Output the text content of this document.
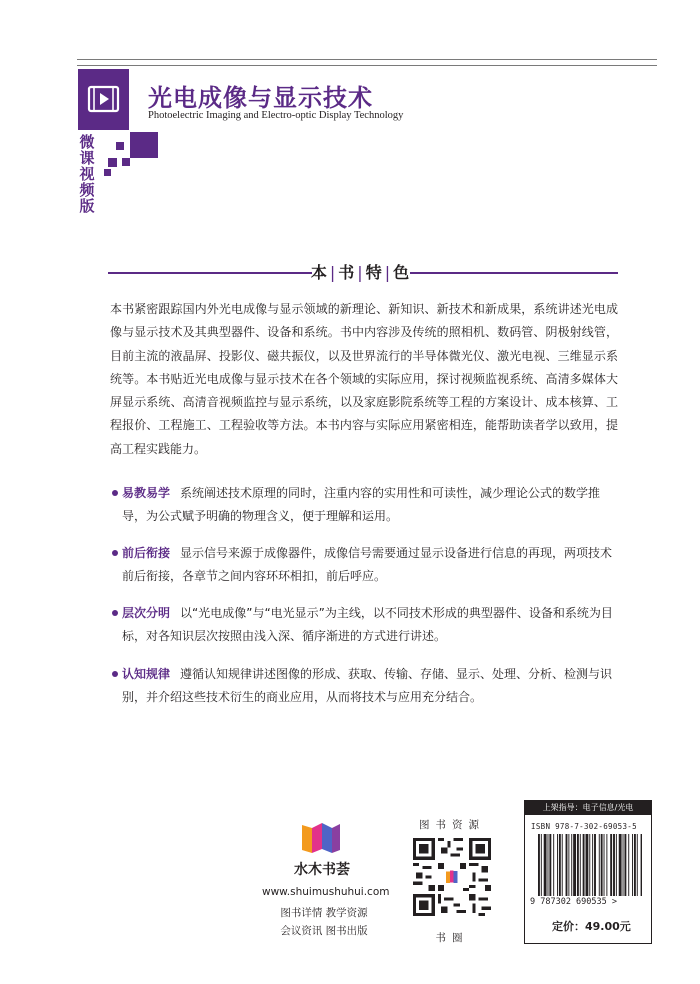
微课视频版
光电成像与显示技术
Photoelectric Imaging and Electro-optic Display Technology
本 | 书 | 特 | 色
本书紧密跟踪国内外光电成像与显示领域的新理论、新知识、新技术和新成果，系统讲述光电成像与显示技术及其典型器件、设备和系统。书中内容涉及传统的照相机、数码管、阴极射线管， 目前主流的液晶屏、投影仪、磁共振仪，以及世界流行的半导体微光仪、激光电视、三维显示系统等。本书贴近光电成像与显示技术在各个领域的实际应用，探讨视频监视系统、高清多媒体大屏显示系统、高清音视频监控与显示系统，以及家庭影院系统等工程的方案设计、成本核算、工程报价、工程施工、工程验收等方法。本书内容与实际应用紧密相连，能帮助读者学以致用，提高工程实践能力。
易教易学 系统阐述技术原理的同时，注重内容的实用性和可读性，减少理论公式的数学推导，为公式赋予明确的物理含义，便于理解和运用。
前后衔接 显示信号来源于成像器件，成像信号需要通过显示设备进行信息的再现，两项技术前后衔接，各章节之间内容环环相扣，前后呼应。
层次分明 以“光电成像”与“电光显示”为主线，以不同技术形成的典型器件、设备和系统为目标，对各知识层次按照由浅入深、循序渐进的方式进行讲述。
认知规律 遵循认知规律讲述图像的形成、获取、传输、存储、显示、处理、分析、检测与识别，并介绍这些技术衍生的商业应用，从而将技术与应用充分结合。
水木书荟
www.shuimushuhui.com
图书详情 教学资源
会议资讯 图书出版
图书资源
书圈
上架指导：电子信息/光电
ISBN 978-7-302-69053-5
9 787302 690535 >
定价：49.00元
